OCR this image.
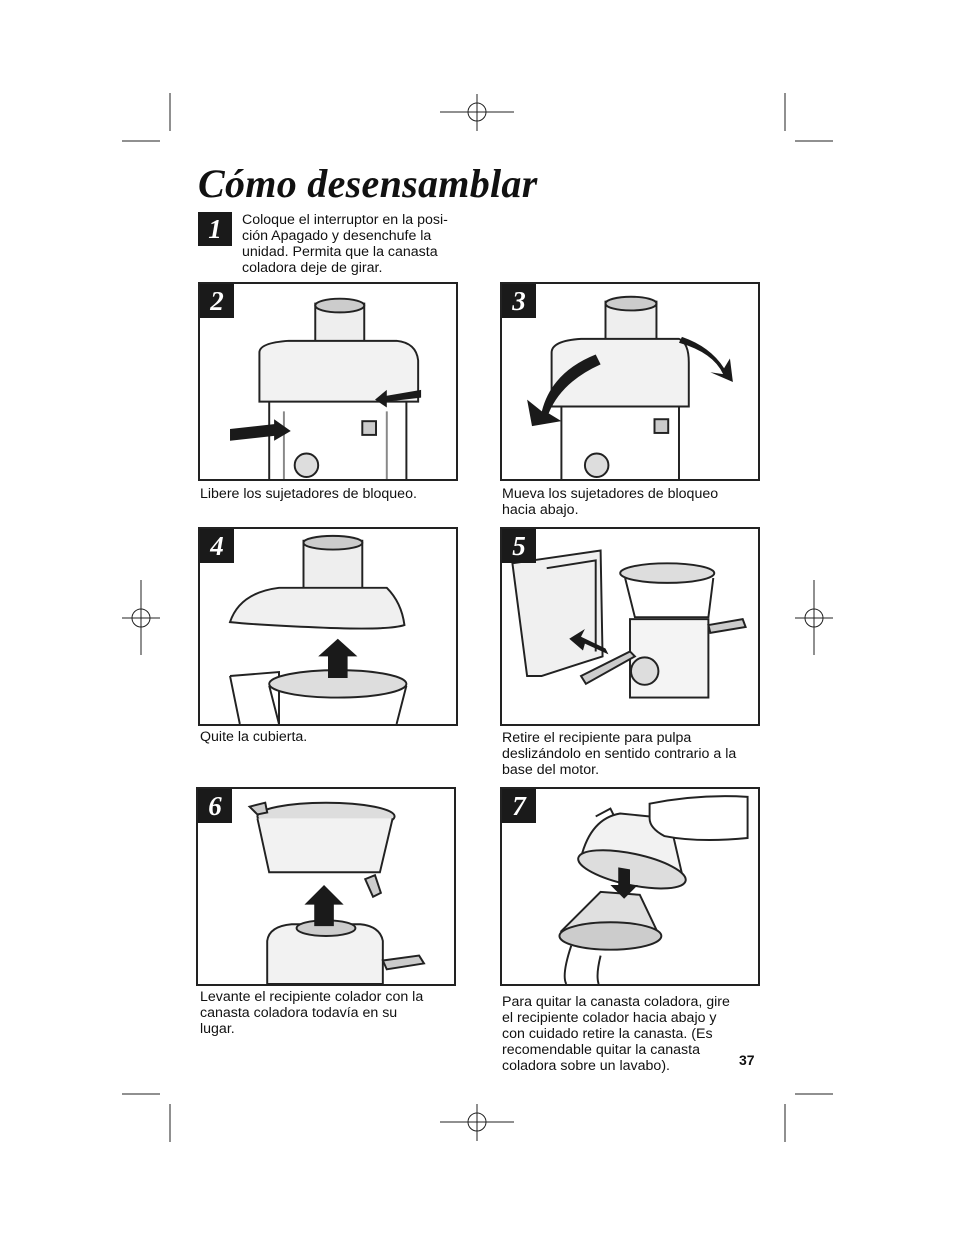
Cómo desensamblar
1	Coloque el interruptor en la posi-
ción Apagado y desenchufe la
unidad. Permita que la canasta
coladora deje de girar.
2
Libere los sujetadores de bloqueo.
3
Mueva los sujetadores de bloqueo
hacia abajo.
4
Quite la cubierta.
5
Retire el recipiente para pulpa
deslizándolo en sentido contrario a la
base del motor.
6
Levante el recipiente colador con la
canasta coladora todavía en su
lugar.
7
Para quitar la canasta coladora, gire
el recipiente colador hacia abajo y
con cuidado retire la canasta. (Es
recomendable quitar la canasta
coladora sobre un lavabo).	37
